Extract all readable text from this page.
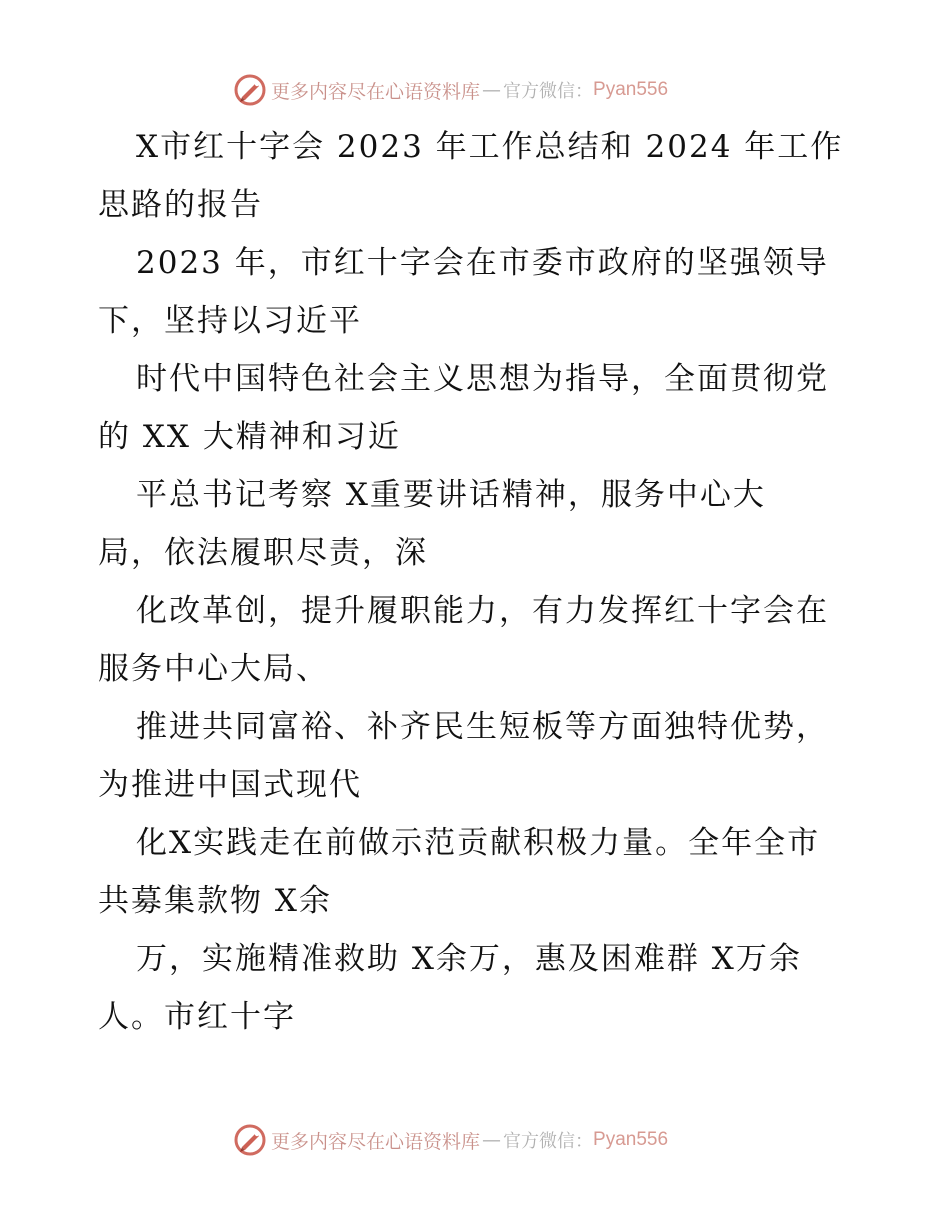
更多内容尽在心语资料库 — 官方微信： Pyan556
X市红十字会 2023 年工作总结和 2024 年工作
思路的报告
2023 年，市红十字会在市委市政府的坚强领导
下，坚持以习近平
时代中国特色社会主义思想为指导，全面贯彻党
的 XX 大精神和习近
平总书记考察 X重要讲话精神，服务中心大
局，依法履职尽责，深
化改革创，提升履职能力，有力发挥红十字会在
服务中心大局、
推进共同富裕、补齐民生短板等方面独特优势，
为推进中国式现代
化X实践走在前做示范贡献积极力量。全年全市
共募集款物 X余
万，实施精准救助 X余万，惠及困难群 X万余
人。市红十字
更多内容尽在心语资料库 — 官方微信： Pyan556
